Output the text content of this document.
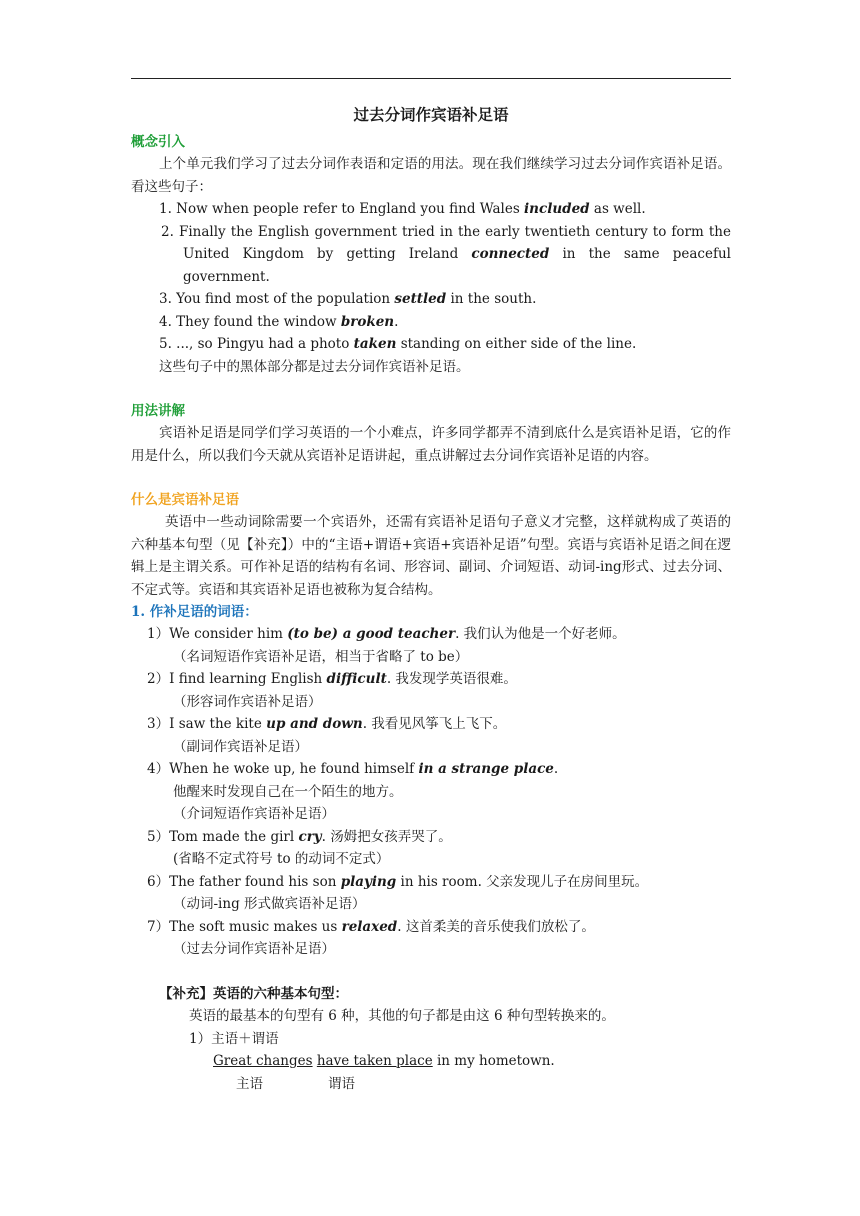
过去分词作宾语补足语
概念引入

上个单元我们学习了过去分词作表语和定语的用法。现在我们继续学习过去分词作宾语补足语。看这些句子：

1. Now when people refer to England you find Wales included as well.

2. Finally the English government tried in the early twentieth century to form the United Kingdom by getting Ireland connected in the same peaceful government.

3. You find most of the population settled in the south.

4. They found the window broken.

5. ..., so Pingyu had a photo taken standing on either side of the line.

这些句子中的黑体部分都是过去分词作宾语补足语。

用法讲解

宾语补足语是同学们学习英语的一个小难点，许多同学都弄不清到底什么是宾语补足语，它的作用是什么，所以我们今天就从宾语补足语讲起，重点讲解过去分词作宾语补足语的内容。

什么是宾语补足语

英语中一些动词除需要一个宾语外，还需有宾语补足语句子意义才完整，这样就构成了英语的六种基本句型（见【补充】）中的“主语+谓语+宾语+宾语补足语”句型。宾语与宾语补足语之间在逻辑上是主谓关系。可作补足语的结构有名词、形容词、副词、介词短语、动词-ing形式、过去分词、不定式等。宾语和其宾语补足语也被称为复合结构。

1. 作补足语的词语：
1）We consider him (to be) a good teacher. 我们认为他是一个好老师。
（名词短语作宾语补足语，相当于省略了 to be）
2）I find learning English difficult. 我发现学英语很难。
（形容词作宾语补足语）
3）I saw the kite up and down. 我看见风筝飞上飞下。
（副词作宾语补足语）
4）When he woke up, he found himself in a strange place.
他醒来时发现自己在一个陌生的地方。
（介词短语作宾语补足语）
5）Tom made the girl cry. 汤姆把女孩弄哭了。
(省略不定式符号 to 的动词不定式）
6）The father found his son playing in his room. 父亲发现儿子在房间里玩。
（动词-ing 形式做宾语补足语）
7）The soft music makes us relaxed. 这首柔美的音乐使我们放松了。
（过去分词作宾语补足语）
【补充】英语的六种基本句型：
英语的最基本的句型有 6 种，其他的句子都是由这 6 种句型转换来的。
1）主语＋谓语
Great changes have taken place in my hometown.
主语	谓语
